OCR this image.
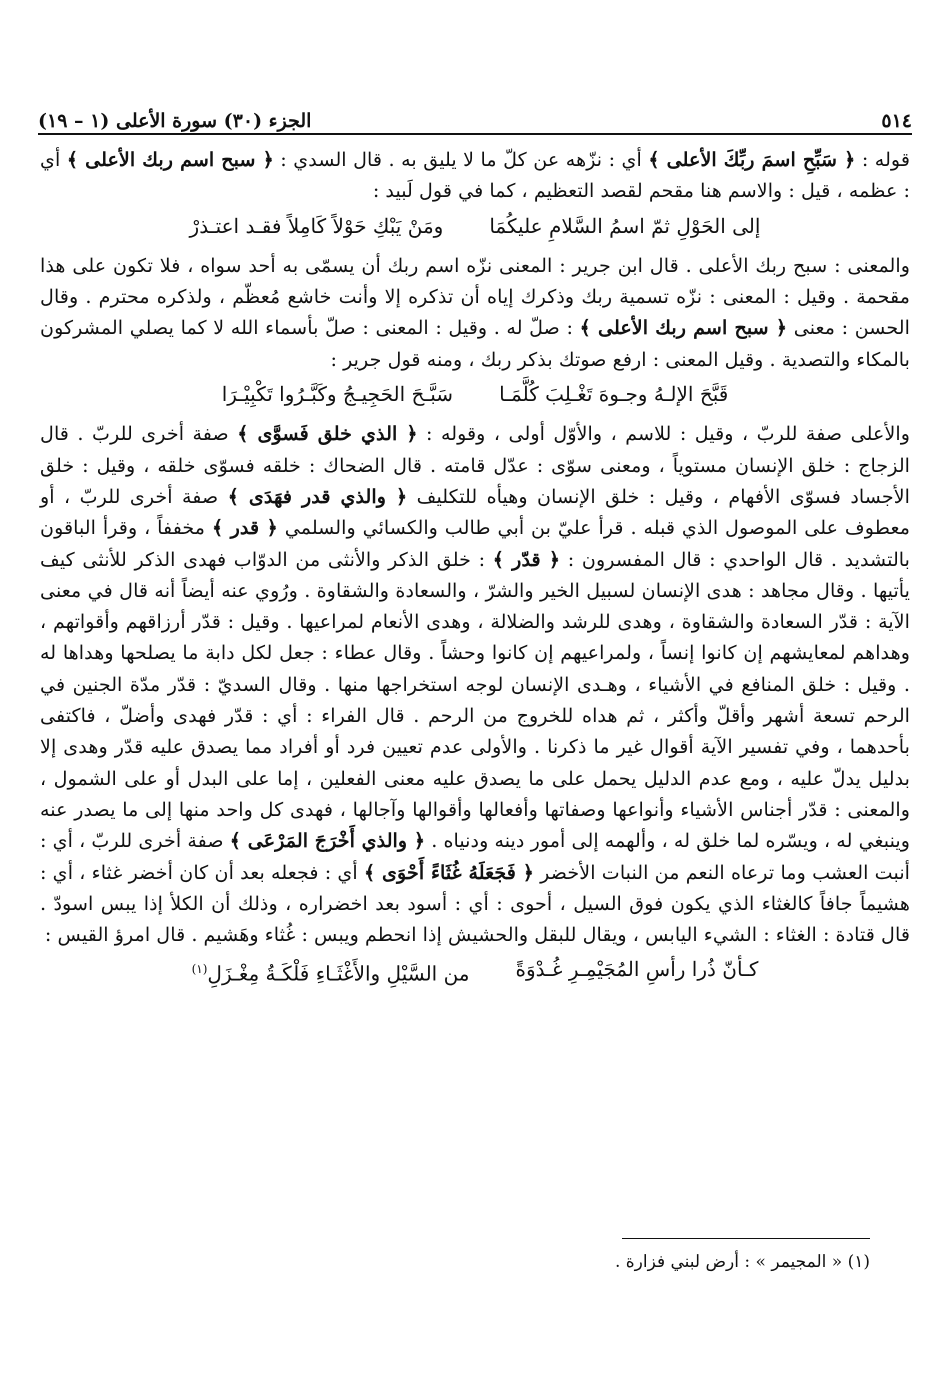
٥١٤
الجزء (٣٠) سورة الأعلى (١ – ١٩)

قوله : ﴿ سَبِّحِ اسمَ ربِّكَ الأعلى ﴾ أي : نزّهه عن كلّ ما لا يليق به . قال السدي : ﴿ سبح اسم ربك الأعلى ﴾ أي : عظمه ، قيل : والاسم هنا مقحم لقصد التعظيم ، كما في قول لَبيد :

إلى الحَوْلِ ثمّ اسمُ السَّلامِ عليكُمَا
ومَنْ يَبْكِ حَوْلاً كَامِلاً فقـد اعتـذرْ

والمعنى : سبح ربك الأعلى . قال ابن جرير : المعنى نزّه اسم ربك أن يسمّى به أحد سواه ، فلا تكون على هذا مقحمة . وقيل : المعنى : نزّه تسمية ربك وذكرك إياه أن تذكره إلا وأنت خاشع مُعظّم ، ولذكره محترم . وقال الحسن : معنى ﴿ سبح اسم ربك الأعلى ﴾ : صلّ له . وقيل : المعنى : صلّ بأسماء الله لا كما يصلي المشركون بالمكاء والتصدية . وقيل المعنى : ارفع صوتك بذكر ربك ، ومنه قول جرير :

قَبَّحَ الإلـهُ وجـوهَ تَغْـلِبَ كُلَّمَـا
سَبَّـحَ الحَجِيـجُ وكَبَّـرُوا تَكْبِيْـرَا

والأعلى صفة للربّ ، وقيل : للاسم ، والأوّل أولى ، وقوله : ﴿ الذي خلق فَسوَّى ﴾ صفة أخرى للربّ . قال الزجاج : خلق الإنسان مستوياً ، ومعنى سوّى : عدّل قامته . قال الضحاك : خلقه فسوّى خلقه ، وقيل : خلق الأجساد فسوّى الأفهام ، وقيل : خلق الإنسان وهيأه للتكليف ﴿ والذي قدر فهَدَى ﴾ صفة أخرى للربّ ، أو معطوف على الموصول الذي قبله . قرأ عليّ بن أبي طالب والكسائي والسلمي ﴿ قدر ﴾ مخففاً ، وقرأ الباقون بالتشديد . قال الواحدي : قال المفسرون : ﴿ قدّر ﴾ : خلق الذكر والأنثى من الدوّاب فهدى الذكر للأنثى كيف يأتيها . وقال مجاهد : هدى الإنسان لسبيل الخير والشرّ ، والسعادة والشقاوة . ورُوي عنه أيضاً أنه قال في معنى الآية : قدّر السعادة والشقاوة ، وهدى للرشد والضلالة ، وهدى الأنعام لمراعيها . وقيل : قدّر أرزاقهم وأقواتهم ، وهداهم لمعايشهم إن كانوا إنساً ، ولمراعيهم إن كانوا وحشاً . وقال عطاء : جعل لكل دابة ما يصلحها وهداها له . وقيل : خلق المنافع في الأشياء ، وهـدى الإنسان لوجه استخراجها منها . وقال السديّ : قدّر مدّة الجنين في الرحم تسعة أشهر وأقلّ وأكثر ، ثم هداه للخروج من الرحم . قال الفراء : أي : قدّر فهدى وأضلّ ، فاكتفى بأحدهما ، وفي تفسير الآية أقوال غير ما ذكرنا . والأولى عدم تعيين فرد أو أفراد مما يصدق عليه قدّر وهدى إلا بدليل يدلّ عليه ، ومع عدم الدليل يحمل على ما يصدق عليه معنى الفعلين ، إما على البدل أو على الشمول ، والمعنى : قدّر أجناس الأشياء وأنواعها وصفاتها وأفعالها وأقوالها وآجالها ، فهدى كل واحد منها إلى ما يصدر عنه وينبغي له ، ويسّره لما خلق له ، وألهمه إلى أمور دينه ودنياه . ﴿ والذي أَخْرَجَ المَرْعَى ﴾ صفة أخرى للربّ ، أي : أنبت العشب وما ترعاه النعم من النبات الأخضر ﴿ فَجَعَلَهُ غُثَاءً أَحْوَى ﴾ أي : فجعله بعد أن كان أخضر غثاء ، أي : هشيماً جافاً كالغثاء الذي يكون فوق السيل ، أحوى : أي : أسود بعد اخضراره ، وذلك أن الكلأ إذا يبس اسودّ . قال قتادة : الغثاء : الشيء اليابس ، ويقال للبقل والحشيش إذا انحطم ويبس : غُثاء وهَشيم . قال امرؤ القيس :

كـأنّ ذُرا رأسِ المُجَيْمِـرِ غُـدْوَةً
من السَّيْلِ والأَغْثَـاءِ فَلْكَـةُ مِغْـزَلِ$^{(١)}$
(١) « المجيمر » : أرض لبني فزارة .
